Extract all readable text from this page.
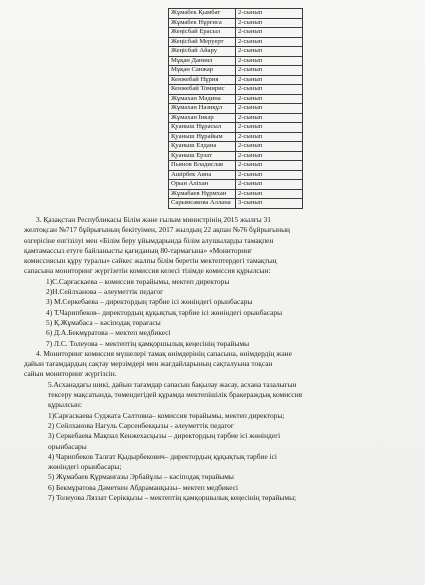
Жұмабек Қымбат	2-сынып
Жұмабек Нұрғиса	2-сынып
Жеңісбай Ерасыл	2-сынып
Жеңісбай Меруерт	2-сынып
Жеңісбай Айару	2-сынып
Мұқан Даниял	2-сынып
Мұқан Санжар	2-сынып
Кенжебай Нұрия	2-сынып
Кенжебай Томирис	2-сынып
Жұмахан Мәдина	2-сынып
Жұмахан Назиқұл	2-сынып
Жұмахан Інкәр	2-сынып
Қуаныш Нұрасыл	2-сынып
Қуаныш Нұрайым	2-сынып
Қуаныш Елдана	2-сынып
Қуаныш Ерзат	2-сынып
Пьянов Владислав	2-сынып
Ашірбек Аяна	2-сынып
Орын Аліхан	2-сынып
Жұмабаев Нұрмхан	2-сынып
Сарымсакова Аллана	3-сынып

3. Қазақстан Республикасы Білім және ғылым министрінің 2015 жылғы 31

желтоқсан №717 бұйрығының бекітуімен, 2017 жылдың 22 ақпан №76 бұйрығының

өзгерісіне енгізілуі мен «Білім беру ұйымдарында білім алушыларды тамақпен

қамтамассыз етуге байланысты қағиданың 80-тармағына» «Мониторинг

комиссиясын құру туралы» сәйкес жалпы білім беретін мектептердегі тамақтың

сапасына мониторинг жүргізетін комиссия келесі тізімде комиссия құрылсын:

1)С.Сарғаскаева – комиссия төрайымы, мектеп директоры

2)Н.Сейлханова – әлеуметтік педагог

3) М.Серкебаева – директордың тәрбие ісі жөніндегі орынбасары

4) Т.Чарипбеков– директордың құқықтық тәрбие ісі жөніндегі орынбасары

5) Қ.Жұмабаса – кәсіподақ төрағасы

6) Д.А.Бекмұратова – мектеп медбикесі

7) Л.С. Толеуова – мектептің қамқоршылық кеңесінің төрайымы

4. Мониторинг комиссия мүшелері тамақ өнімдерінің сапасына, өнімдердің және

дайын тағамдардың сақтау мерзімдері мен жағдайларының сақталуына тоқсан

сайын мониторинг жүргізсін.

5.Асханадағы шикі, дайын тағамдар сапасын бақылау жасау, асхана тазалығын

тексеру мақсатында, төмендегідей құрамда мектепішілік бракераждық комиссия

құрылсын:

1)Сарғаскаева Суджата Сәлтовна– комиссия төрайымы, мектеп директоры;

2) Сейлханова Нагуль Сәрсенбекқызы - әлеуметтік педагог

3) Серкебаева Мақпал Кенжехасқызы – директордың тәрбие ісі жөніндегі

орынбасары

4) Чарипбеков Талғат Қыдырбекович– директордың құқықтық тәрбие ісі

жөніндегі орынбасары;

5) Жұмабаев Құрманғазы Эрбайұлы – кәсіподақ төрайымы

6) Бекмұратова Дәметкен Абдраманқызы– мектеп медбикесі

7) Толеуова Ляззат Серікқызы – мектептің қамқоршылық кеңесінің төрайымы;
